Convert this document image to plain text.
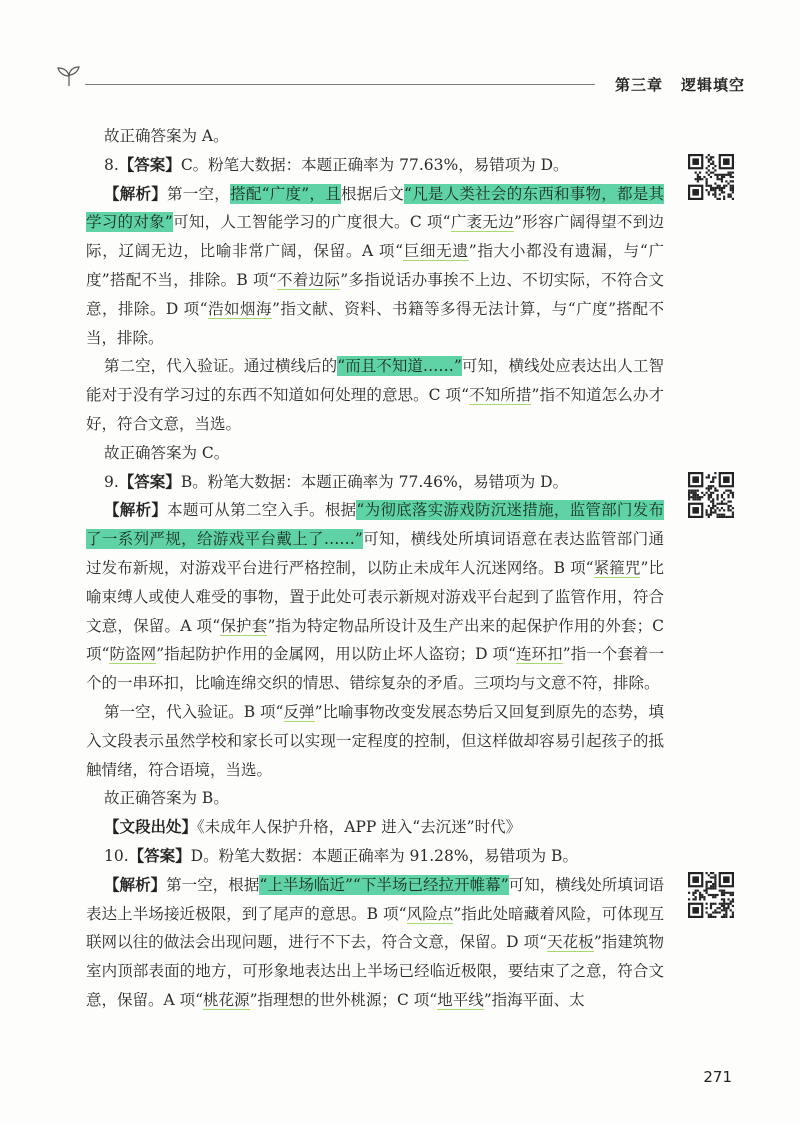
第三章 逻辑填空

故正确答案为 A。

8.【答案】C。粉笔大数据：本题正确率为 77.63%，易错项为 D。

【解析】第一空，搭配“广度”，且根据后文“凡是人类社会的东西和事物，都是其学习的对象”可知，人工智能学习的广度很大。C 项“广袤无边”形容广阔得望不到边际，辽阔无边，比喻非常广阔，保留。A 项“巨细无遗”指大小都没有遗漏，与“广度”搭配不当，排除。B 项“不着边际”多指说话办事挨不上边、不切实际，不符合文意，排除。D 项“浩如烟海”指文献、资料、书籍等多得无法计算，与“广度”搭配不当，排除。

第二空，代入验证。通过横线后的“而且不知道……”可知，横线处应表达出人工智能对于没有学习过的东西不知道如何处理的意思。C 项“不知所措”指不知道怎么办才好，符合文意，当选。

故正确答案为 C。

9.【答案】B。粉笔大数据：本题正确率为 77.46%，易错项为 D。

【解析】本题可从第二空入手。根据“为彻底落实游戏防沉迷措施，监管部门发布了一系列严规，给游戏平台戴上了……”可知，横线处所填词语意在表达监管部门通过发布新规，对游戏平台进行严格控制，以防止未成年人沉迷网络。B 项“紧箍咒”比喻束缚人或使人难受的事物，置于此处可表示新规对游戏平台起到了监管作用，符合文意，保留。A 项“保护套”指为特定物品所设计及生产出来的起保护作用的外套；C 项“防盗网”指起防护作用的金属网，用以防止坏人盗窃；D 项“连环扣”指一个套着一个的一串环扣，比喻连绵交织的情思、错综复杂的矛盾。三项均与文意不符，排除。

第一空，代入验证。B 项“反弹”比喻事物改变发展态势后又回复到原先的态势，填入文段表示虽然学校和家长可以实现一定程度的控制，但这样做却容易引起孩子的抵触情绪，符合语境，当选。

故正确答案为 B。

【文段出处】《未成年人保护升格，APP 进入“去沉迷”时代》

10.【答案】D。粉笔大数据：本题正确率为 91.28%，易错项为 B。

【解析】第一空，根据“上半场临近”“下半场已经拉开帷幕”可知，横线处所填词语表达上半场接近极限，到了尾声的意思。B 项“风险点”指此处暗藏着风险，可体现互联网以往的做法会出现问题，进行不下去，符合文意，保留。D 项“天花板”指建筑物室内顶部表面的地方，可形象地表达出上半场已经临近极限，要结束了之意，符合文意，保留。A 项“桃花源”指理想的世外桃源；C 项“地平线”指海平面、太

271
